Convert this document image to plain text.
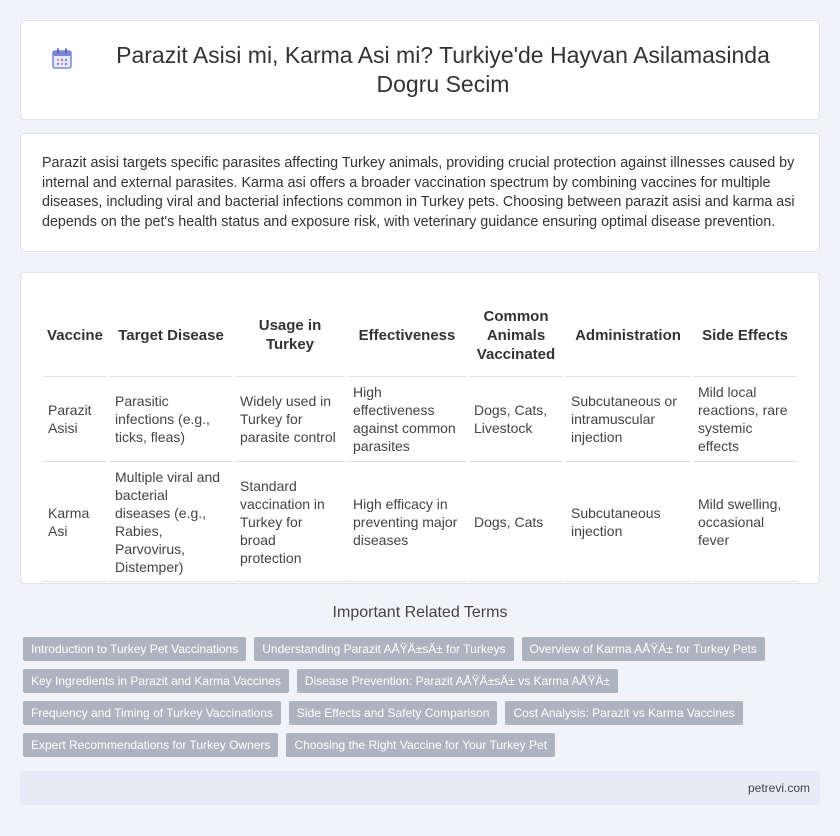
Parazit Asisi mi, Karma Asi mi? Turkiye'de Hayvan Asilamasinda Dogru Secim

Parazit asisi targets specific parasites affecting Turkey animals, providing crucial protection against illnesses caused by internal and external parasites. Karma asi offers a broader vaccination spectrum by combining vaccines for multiple diseases, including viral and bacterial infections common in Turkey pets. Choosing between parazit asisi and karma asi depends on the pet's health status and exposure risk, with veterinary guidance ensuring optimal disease prevention.

Vaccine	Target Disease	Usage in Turkey	Effectiveness	Common Animals Vaccinated	Administration	Side Effects
Parazit Asisi	Parasitic infections (e.g., ticks, fleas)	Widely used in Turkey for parasite control	High effectiveness against common parasites	Dogs, Cats, Livestock	Subcutaneous or intramuscular injection	Mild local reactions, rare systemic effects
Karma Asi	Multiple viral and bacterial diseases (e.g., Rabies, Parvovirus, Distemper)	Standard vaccination in Turkey for broad protection	High efficacy in preventing major diseases	Dogs, Cats	Subcutaneous injection	Mild swelling, occasional fever
Important Related Terms
Introduction to Turkey Pet Vaccinations	Understanding Parazit AÅŸÄ±sÄ± for Turkeys	Overview of Karma AÅŸÄ± for Turkey Pets
Key Ingredients in Parazit and Karma Vaccines	Disease Prevention: Parazit AÅŸÄ±sÄ± vs Karma AÅŸÄ±
Frequency and Timing of Turkey Vaccinations	Side Effects and Safety Comparison	Cost Analysis: Parazit vs Karma Vaccines
Expert Recommendations for Turkey Owners	Choosing the Right Vaccine for Your Turkey Pet
petrevi.com
